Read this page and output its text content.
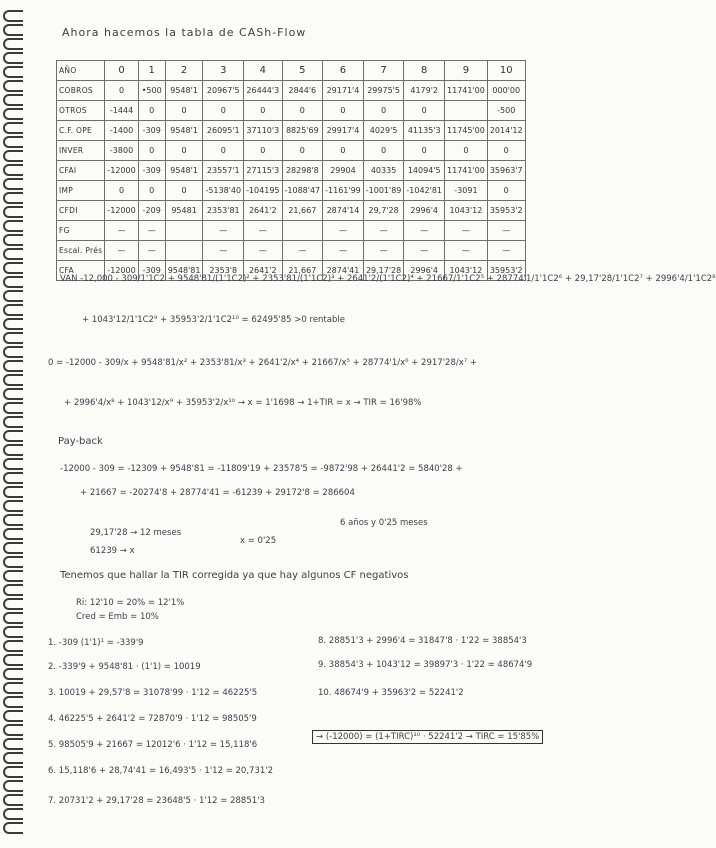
Ahora hacemos la tabla de CASh-Flow
AÑO	0	1	2	3	4	5	6	7	8	9	10
COBROS	0	•500	9548'1	20967'5	26444'3	2844'6	29171'4	29975'5	4179'2	11741'00	000'00
OTROS	-1444	0	0	0	0	0	0	0	0		-500
C.F. OPE	-1400	-309	9548'1	26095'1	37110'3	8825'69	29917'4	4029'5	41135'3	11745'00	2014'12
INVER	-3800	0	0	0	0	0	0	0	0	0	0
CFAI	-12000	-309	9548'1	23557'1	27115'3	28298'8	29904	40335	14094'5	11741'00	35963'7
IMP	0	0	0	-5138'40	-104195	-1088'47	-1161'99	-1001'89	-1042'81	-3091	0
CFDI	-12000	-209	95481	2353'81	2641'2	21,667	2874'14	29,7'28	2996'4	1043'12	35953'2
FG	—	—		—	—		—	—	—	—	—
Escal. Prés	—	—		—	—	—	—	—	—	—	—
CFA	-12000	-309	9548'81	2353'8	2641'2	21,667	2874'41	29,17'28	2996'4	1043'12	35953'2
VAN -12,000 - 309/1'1C2 + 9548'81/(1'1C2)² + 2353'81/(1'1C2)³ + 2641'2/(1'1C2)⁴ + 21667/1'1C2⁵ + 28774'1/1'1C2⁶ + 29,17'28/1'1C2⁷ + 2996'4/1'1C2⁸
+ 1043'12/1'1C2⁹ + 35953'2/1'1C2¹⁰ = 62495'85 >0 rentable
0 = -12000 - 309/x + 9548'81/x² + 2353'81/x³ + 2641'2/x⁴ + 21667/x⁵ + 28774'1/x⁶ + 2917'28/x⁷ +
+ 2996'4/x⁸ + 1043'12/x⁹ + 35953'2/x¹⁰ → x = 1'1698 → 1+TIR = x → TIR = 16'98%
Pay-back
-12000 - 309 = -12309 + 9548'81 = -11809'19 + 23578'5 = -9872'98 + 26441'2 = 5840'28 +
+ 21667 = -20274'8 + 28774'41 = -61239 + 29172'8 = 286604
29,17'28 → 12 meses
61239 → x
x = 0'25
6 años y 0'25 meses
Tenemos que hallar la TIR corregida ya que hay algunos CF negativos
Ri: 12'10 = 20% = 12'1%
Cred = Emb = 10%
1. -309 (1'1)¹ = -339'9
2. -339'9 + 9548'81 · (1'1) = 10019
3. 10019 + 29,57'8 = 31078'99 · 1'12 = 46225'5
4. 46225'5 + 2641'2 = 72870'9 · 1'12 = 98505'9
5. 98505'9 + 21667 = 12012'6 · 1'12 = 15,118'6
6. 15,118'6 + 28,74'41 = 16,493'5 · 1'12 = 20,731'2
7. 20731'2 + 29,17'28 = 23648'5 · 1'12 = 28851'3
8. 28851'3 + 2996'4 = 31847'8 · 1'22 = 38854'3
9. 38854'3 + 1043'12 = 39897'3 · 1'22 = 48674'9
10. 48674'9 + 35963'2 = 52241'2
→ (-12000) = (1+TIRC)¹⁰ · 52241'2 → TIRC = 15'85%
